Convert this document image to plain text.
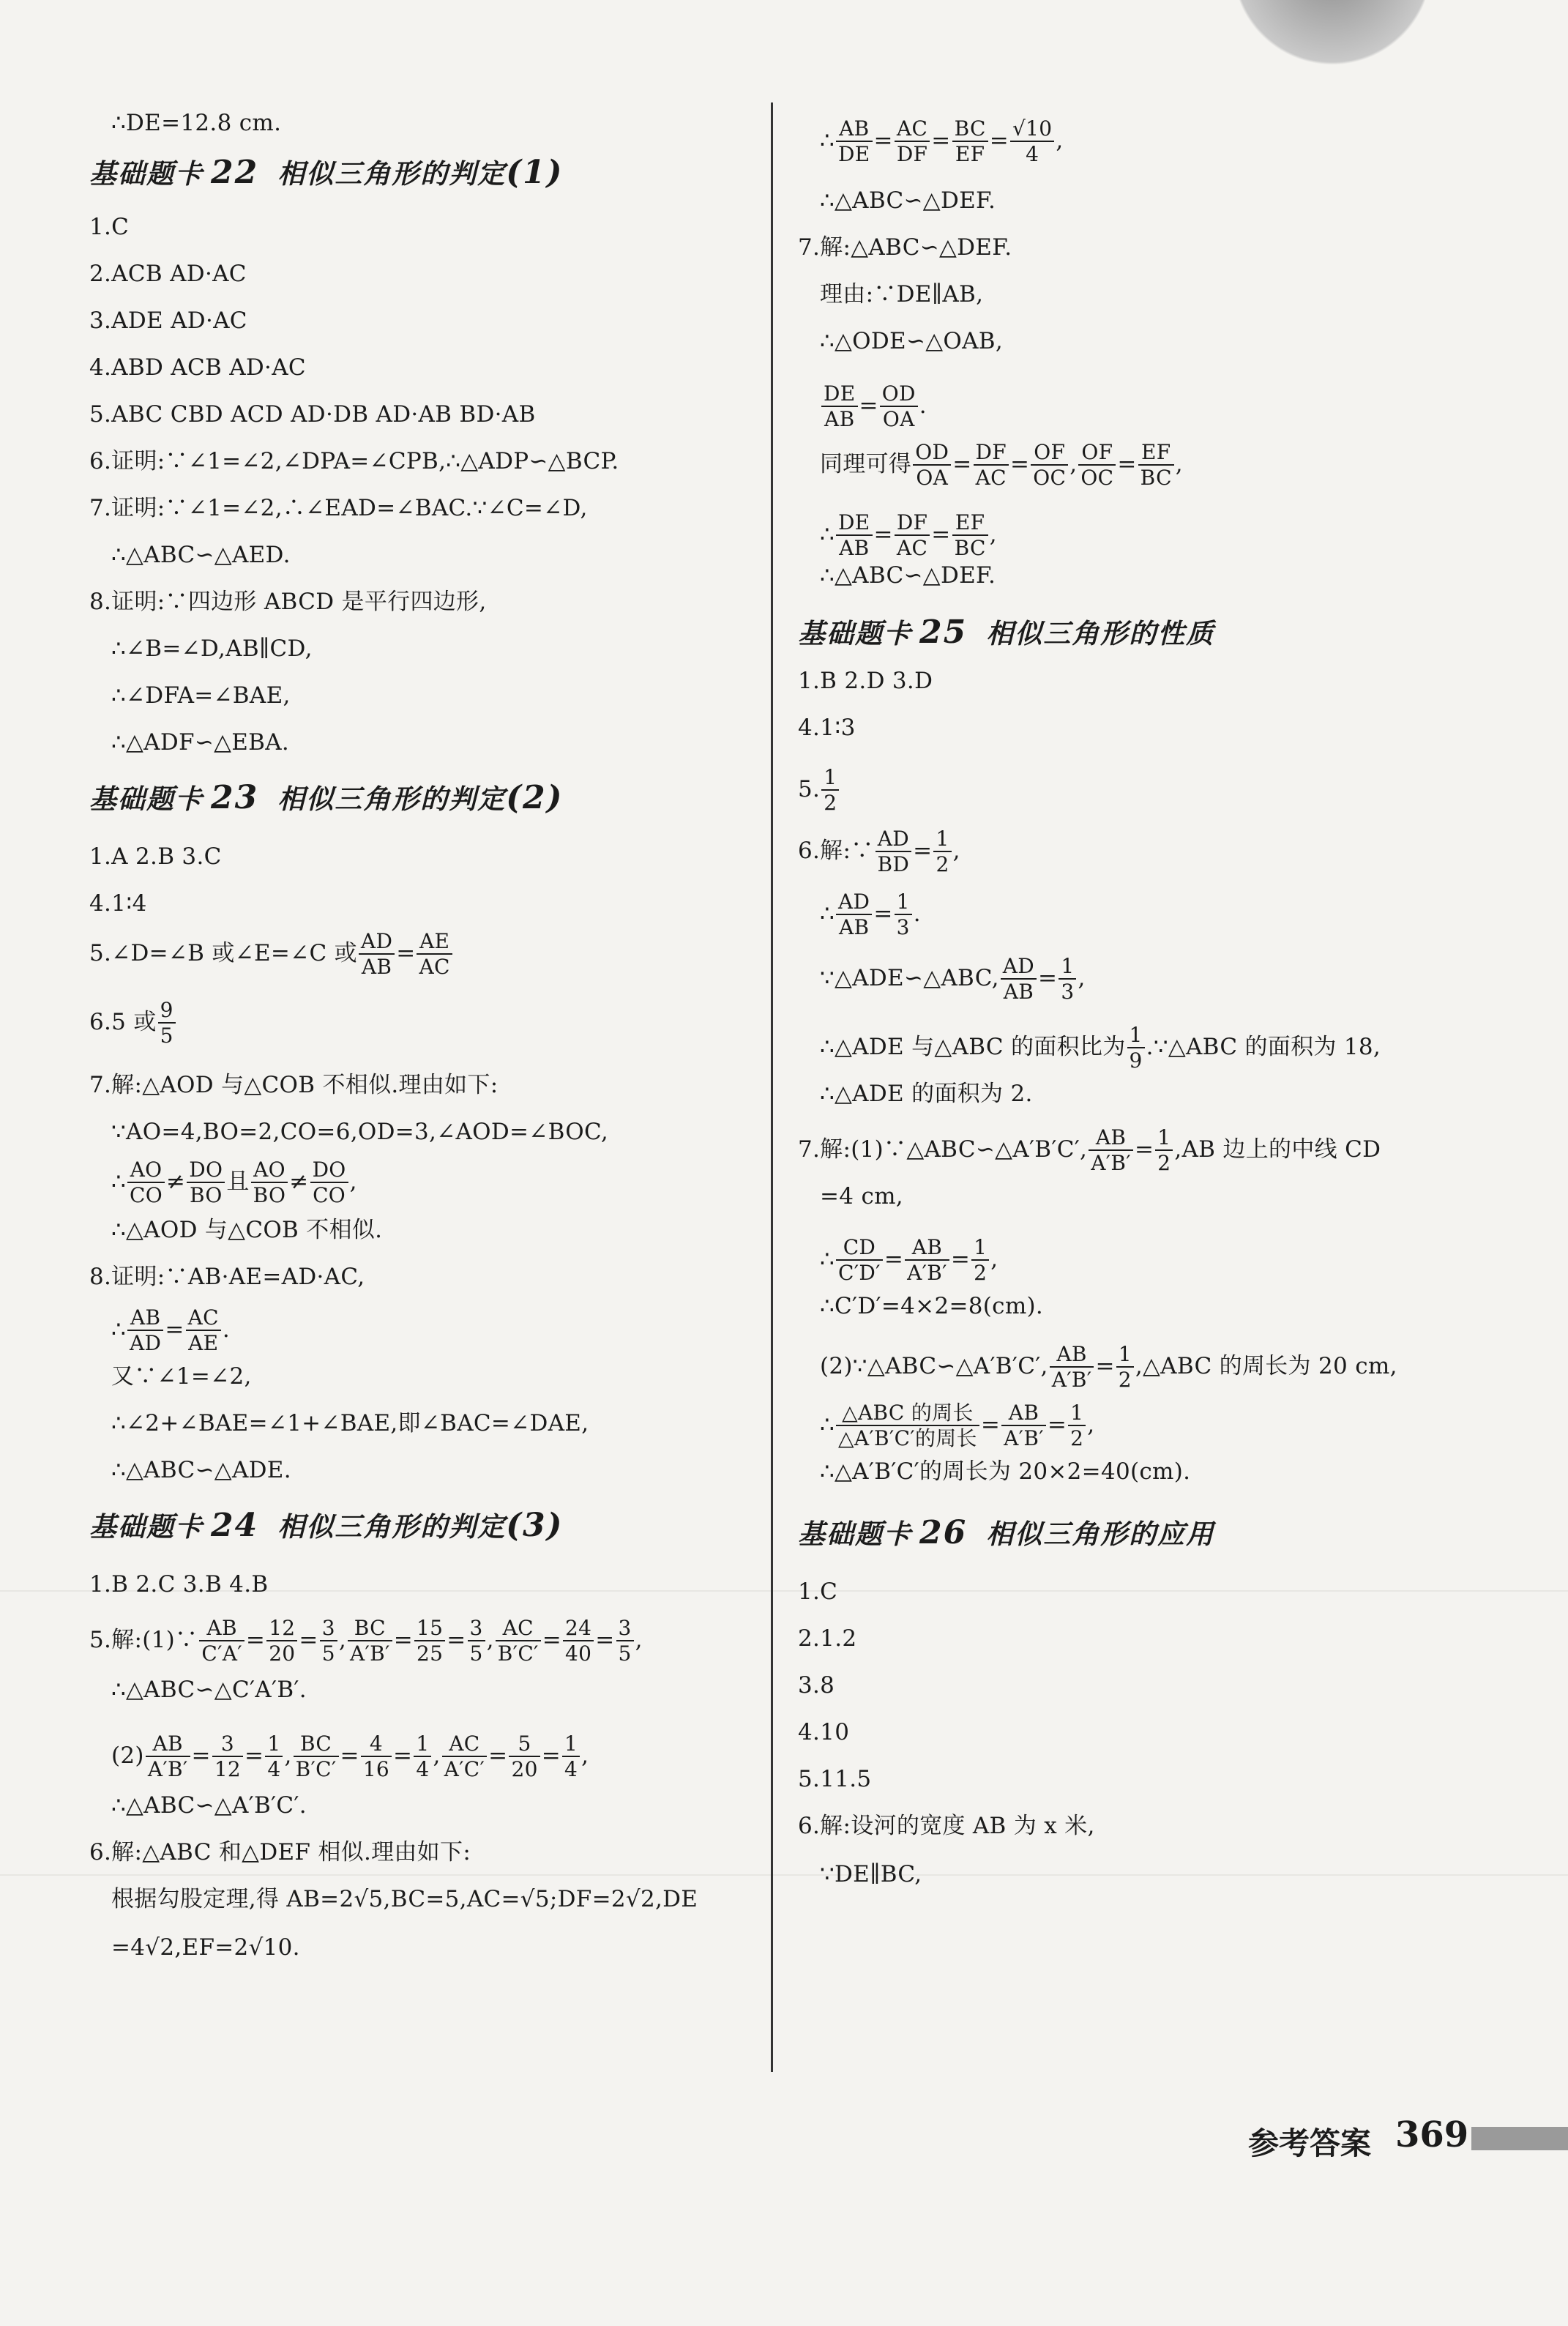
∴DE=12.8 cm.
基础题卡 22 相似三角形的判定(1)
1.C
2.ACB AD·AC
3.ADE AD·AC
4.ABD ACB AD·AC
5.ABC CBD ACD AD·DB AD·AB BD·AB
6.证明:∵∠1=∠2,∠DPA=∠CPB,∴△ADP∽△BCP.
7.证明:∵∠1=∠2,∴∠EAD=∠BAC.∵∠C=∠D,
∴△ABC∽△AED.
8.证明:∵四边形 ABCD 是平行四边形,
∴∠B=∠D,AB∥CD,
∴∠DFA=∠BAE,
∴△ADF∽△EBA.
基础题卡 23 相似三角形的判定(2)
1.A 2.B 3.C
4.1∶4
5.∠D=∠B 或∠E=∠C 或 $\frac{AD}{AB} = \frac{AE}{AC}$
6.5 或 $\frac{9}{5}$
7.解:△AOD 与△COB 不相似.理由如下:
∵AO=4,BO=2,CO=6,OD=3,∠AOD=∠BOC,
∴ $\frac{AO}{CO} \ne \frac{DO}{BO}$ 且 $\frac{AO}{BO} \ne \frac{DO}{CO}$ ,
∴△AOD 与△COB 不相似.
8.证明:∵AB·AE=AD·AC,
∴ $\frac{AB}{AD} = \frac{AC}{AE}$ .
又∵∠1=∠2,
∴∠2+∠BAE=∠1+∠BAE,即∠BAC=∠DAE,
∴△ABC∽△ADE.
基础题卡 24 相似三角形的判定(3)
1.B 2.C 3.B 4.B
5.解:(1)∵ $\frac{AB}{C'A'} = \frac{12}{20} = \frac{3}{5}$ , $\frac{BC}{A'B'} = \frac{15}{25} = \frac{3}{5}$ , $\frac{AC}{B'C'} = \frac{24}{40} = \frac{3}{5}$ ,
∴△ABC∽△C′A′B′.
$(2) \frac{AB}{A'B'} = \frac{3}{12} = \frac{1}{4}$ , $\frac{BC}{B'C'} = \frac{4}{16} = \frac{1}{4}$ , $\frac{AC}{A'C'} = \frac{5}{20} = \frac{1}{4}$ ,
∴△ABC∽△A′B′C′.
6.解:△ABC 和△DEF 相似.理由如下:
根据勾股定理,得 AB=2√5,BC=5,AC=√5;DF=2√2,DE
=4√2,EF=2√10.
∴ $\frac{AB}{DE} = \frac{AC}{DF} = \frac{BC}{EF} = \frac{√10}{4}$ ,
∴△ABC∽△DEF.
7.解:△ABC∽△DEF.
理由:∵DE∥AB,
∴△ODE∽△OAB,
$\frac{DE}{AB} = \frac{OD}{OA}$ .
同理可得 $\frac{OD}{OA} = \frac{DF}{AC} = \frac{OF}{OC}$ , $\frac{OF}{OC} = \frac{EF}{BC}$ ,
∴ $\frac{DE}{AB} = \frac{DF}{AC} = \frac{EF}{BC}$ ,
∴△ABC∽△DEF.
基础题卡 25 相似三角形的性质
1.B 2.D 3.D
4.1∶3
5. $\frac{1}{2}$
6.解:∵ $\frac{AD}{BD} = \frac{1}{2}$ ,
∴ $\frac{AD}{AB} = \frac{1}{3}$ .
∵△ADE∽△ABC, $\frac{AD}{AB} = \frac{1}{3}$ ,
∴△ADE 与△ABC 的面积比为 $\frac{1}{9}$ .∵△ABC 的面积为 18,
∴△ADE 的面积为 2.
7.解:(1)∵△ABC∽△A′B′C′, $\frac{AB}{A'B'} = \frac{1}{2} ,AB$ 边上的中线 CD
=4 cm,
∴ $\frac{CD}{C'D'} = \frac{AB}{A'B'} = \frac{1}{2}$ ,
∴C′D′=4×2=8(cm).
(2)∵△ABC∽△A′B′C′, $\frac{AB}{A'B'} = \frac{1}{2}$ ,△ABC 的周长为 20 cm,
∴ $\frac{\text{△ABC 的周长}}{\text{△A′B′C′的周长}} = \frac{AB}{A'B'} = \frac{1}{2}$ ,
∴△A′B′C′的周长为 20×2=40(cm).
基础题卡 26 相似三角形的应用
1.C
2.1.2
3.8
4.10
5.11.5
6.解:设河的宽度 AB 为 x 米,
∵DE∥BC,
参考答案 369
